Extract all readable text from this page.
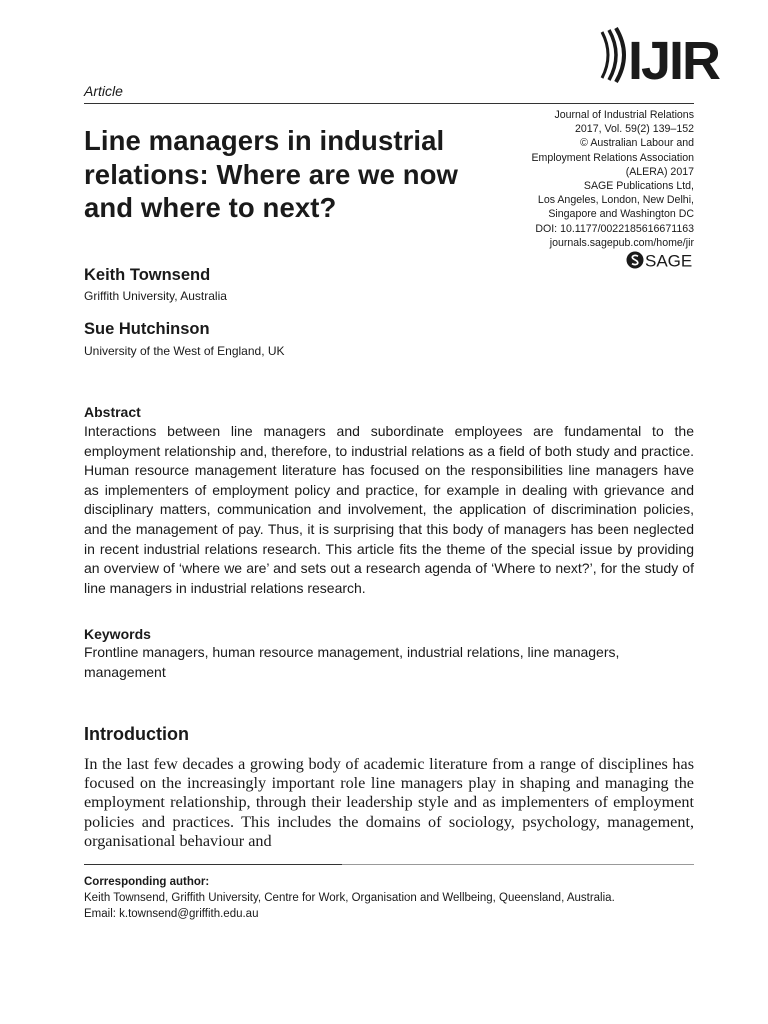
IJIR
Article
Line managers in industrial relations: Where are we now and where to next?
Journal of Industrial Relations
2017, Vol. 59(2) 139–152
© Australian Labour and
Employment Relations Association
(ALERA) 2017
SAGE Publications Ltd,
Los Angeles, London, New Delhi,
Singapore and Washington DC
DOI: 10.1177/0022185616671163
journals.sagepub.com/home/jir
SAGE
Keith Townsend
Griffith University, Australia
Sue Hutchinson
University of the West of England, UK
Abstract

Interactions between line managers and subordinate employees are fundamental to the employment relationship and, therefore, to industrial relations as a field of both study and practice. Human resource management literature has focused on the responsibilities line managers have as implementers of employment policy and practice, for example in dealing with grievance and disciplinary matters, communication and involvement, the application of discrimination policies, and the management of pay. Thus, it is surprising that this body of managers has been neglected in recent industrial relations research. This article fits the theme of the special issue by providing an overview of ‘where we are’ and sets out a research agenda of ‘Where to next?’, for the study of line managers in industrial relations research.

Keywords

Frontline managers, human resource management, industrial relations, line managers, management

Introduction

In the last few decades a growing body of academic literature from a range of disciplines has focused on the increasingly important role line managers play in shaping and managing the employment relationship, through their leadership style and as implementers of employment policies and practices. This includes the domains of sociology, psychology, management, organisational behaviour and

Corresponding author:

Keith Townsend, Griffith University, Centre for Work, Organisation and Wellbeing, Queensland, Australia.
Email: k.townsend@griffith.edu.au
